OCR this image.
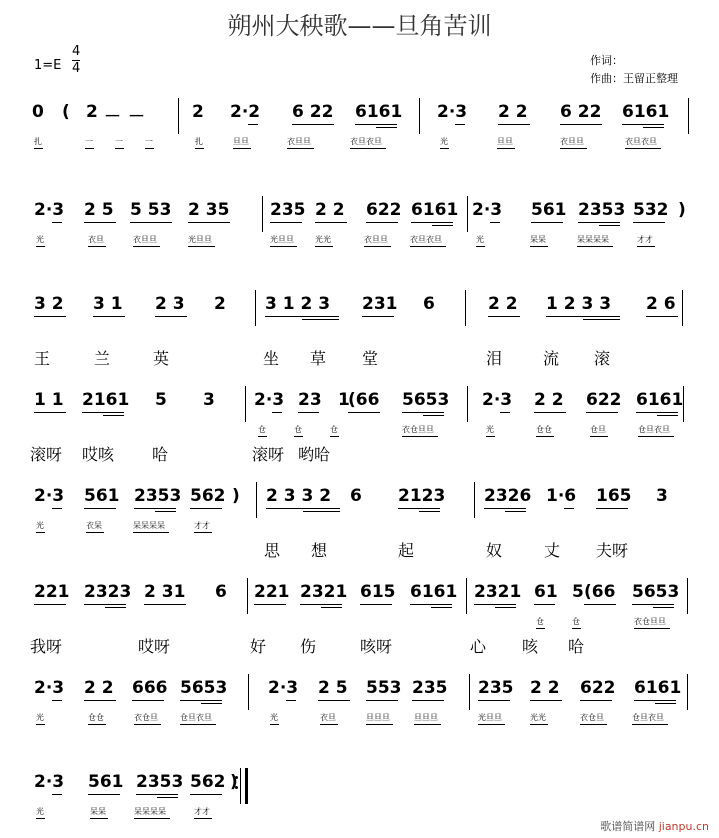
朔州大秧歌——旦角苦训
1=E
4
4
作词：
作曲：王留正整理
0 ( 2 － －	2 2·2 6 22 6161 2·3 2 2 6 22 6161
扎	一	一	一	扎	旦旦	衣旦旦	衣旦衣旦	光	旦旦	衣旦旦	衣旦衣旦
2·3 2 5 5 53 2 35 235 2 2 622 6161 2·3 561 2353 532 )
光	衣旦	衣旦旦	光旦旦	光旦旦	光光	衣旦旦	衣旦衣旦	光	呆呆	呆呆呆呆	才才
3 2 3 1 2 3 2 3 1 2 3 231 6	2 2 1 2 3 3 2 6
王	兰	英	坐 草 堂	泪	流 滚
1 1 2161 5 3 2·3 23 1
(66 5653 2·3 2 2 622 6161
仓	仓	仓	衣仓旦旦	光	仓仓	仓旦	仓旦衣旦
滚呀 哎咳 哈	滚呀 哟哈
2·3 561 2353 562 ) 2 3 3 2 6 2123 2326 1·6 165 3
光	衣呆	呆呆呆呆	才才
思 想	起	奴	丈 夫呀
221 2323 2 31 6 221 2321 615 6161 2321 61 5 (66 5653
仓	仓	衣仓旦旦
我呀	哎呀	好 伤	咳呀	心 咳 哈
2·3 2 2 666 5653 2·3 2 5 553 235 235 2 2 622 6161
光	仓仓	衣仓旦	仓旦衣旦	光	衣旦	旦旦旦	旦旦旦	光旦旦	光光	衣仓旦	仓旦衣旦
2·3 561 2353 562 )
光	呆呆	呆呆呆呆	才才
歌谱简谱网 jianpu.cn
